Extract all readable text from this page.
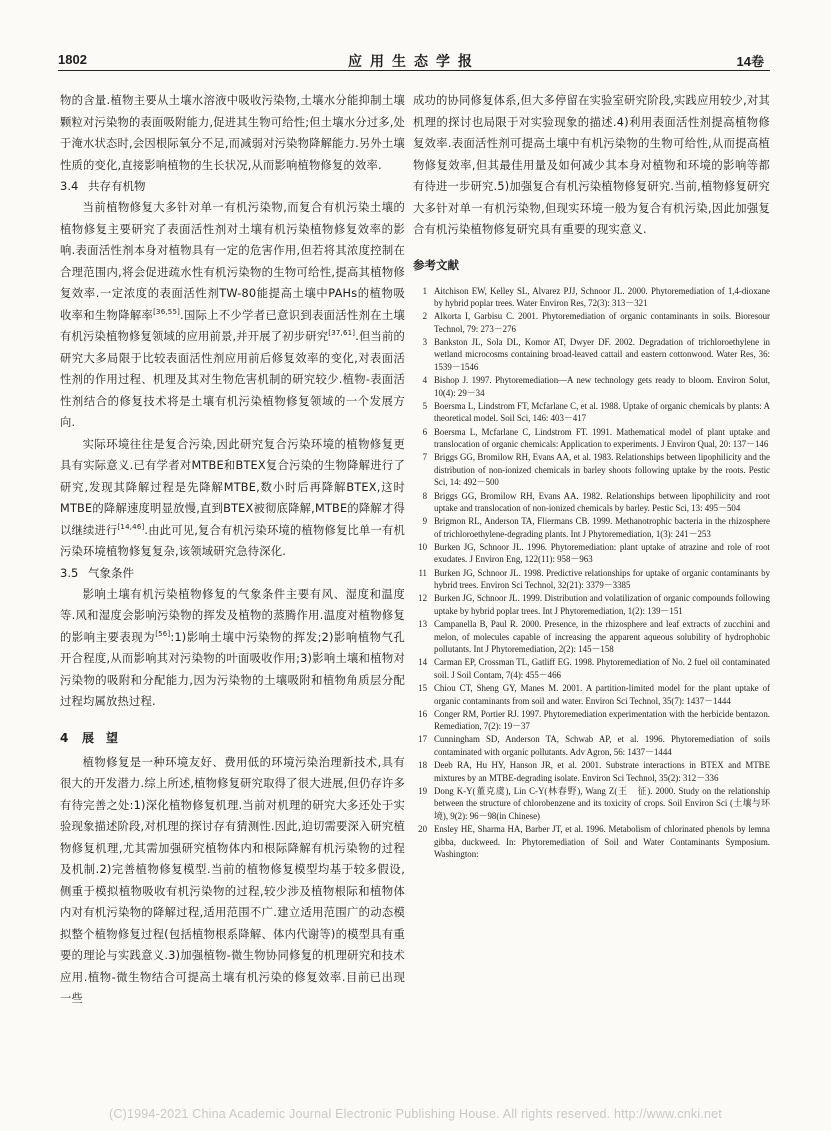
1802	应用生态学报	14卷

物的含量.植物主要从土壤水溶液中吸收污染物,土壤水分能抑制土壤颗粒对污染物的表面吸附能力,促进其生物可给性;但土壤水分过多,处于淹水状态时,会因根际氧分不足,而减弱对污染物降解能力.另外土壤性质的变化,直接影响植物的生长状况,从而影响植物修复的效率.

3.4 共存有机物

当前植物修复大多针对单一有机污染物,而复合有机污染土壤的植物修复主要研究了表面活性剂对土壤有机污染植物修复效率的影响.表面活性剂本身对植物具有一定的危害作用,但若将其浓度控制在合理范围内,将会促进疏水性有机污染物的生物可给性,提高其植物修复效率.一定浓度的表面活性剂TW-80能提高土壤中PAHs的植物吸收率和生物降解率[36,55].国际上不少学者已意识到表面活性剂在土壤有机污染植物修复领域的应用前景,并开展了初步研究[37,61].但当前的研究大多局限于比较表面活性剂应用前后修复效率的变化,对表面活性剂的作用过程、机理及其对生物危害机制的研究较少.植物-表面活性剂结合的修复技术将是土壤有机污染植物修复领域的一个发展方向.

实际环境往往是复合污染,因此研究复合污染环境的植物修复更具有实际意义.已有学者对MTBE和BTEX复合污染的生物降解进行了研究,发现其降解过程是先降解MTBE,数小时后再降解BTEX,这时MTBE的降解速度明显放慢,直到BTEX被彻底降解,MTBE的降解才得以继续进行[14,46].由此可见,复合有机污染环境的植物修复比单一有机污染环境植物修复复杂,该领域研究急待深化.

3.5 气象条件

影响土壤有机污染植物修复的气象条件主要有风、湿度和温度等.风和湿度会影响污染物的挥发及植物的蒸腾作用.温度对植物修复的影响主要表现为[56]:1)影响土壤中污染物的挥发;2)影响植物气孔开合程度,从而影响其对污染物的叶面吸收作用;3)影响土壤和植物对污染物的吸附和分配能力,因为污染物的土壤吸附和植物角质层分配过程均属放热过程.

4 展　望

植物修复是一种环境友好、费用低的环境污染治理新技术,具有很大的开发潜力.综上所述,植物修复研究取得了很大进展,但仍存许多有待完善之处:1)深化植物修复机理.当前对机理的研究大多还处于实验现象描述阶段,对机理的探讨存有猜测性.因此,迫切需要深入研究植物修复机理,尤其需加强研究植物体内和根际降解有机污染物的过程及机制.2)完善植物修复模型.当前的植物修复模型均基于较多假设,侧重于模拟植物吸收有机污染物的过程,较少涉及植物根际和植物体内对有机污染物的降解过程,适用范围不广.建立适用范围广的动态模拟整个植物修复过程(包括植物根系降解、体内代谢等)的模型具有重要的理论与实践意义.3)加强植物-微生物协同修复的机理研究和技术应用.植物-微生物结合可提高土壤有机污染的修复效率.目前已出现一些

成功的协同修复体系,但大多停留在实验室研究阶段,实践应用较少,对其机理的探讨也局限于对实验现象的描述.4)利用表面活性剂提高植物修复效率.表面活性剂可提高土壤中有机污染物的生物可给性,从而提高植物修复效率,但其最佳用量及如何减少其本身对植物和环境的影响等都有待进一步研究.5)加强复合有机污染植物修复研究.当前,植物修复研究大多针对单一有机污染物,但现实环境一般为复合有机污染,因此加强复合有机污染植物修复研究具有重要的现实意义.

参考文献
1 Aitchison EW, Kelley SL, Alvarez PJJ, Schnoor JL. 2000. Phytoremediation of 1,4-dioxane by hybrid poplar trees. Water Environ Res, 72(3): 313－321
2 Alkorta I, Garbisu C. 2001. Phytoremediation of organic contaminants in soils. Bioresour Technol, 79: 273－276
3 Bankston JL, Sola DL, Komor AT, Dwyer DF. 2002. Degradation of trichloroethylene in wetland microcosms containing broad-leaved cattail and eastern cottonwood. Water Res, 36: 1539－1546
4 Bishop J. 1997. Phytoremediation—A new technology gets ready to bloom. Environ Solut, 10(4): 29－34
5 Boersma L, Lindstrom FT, Mcfarlane C, et al. 1988. Uptake of organic chemicals by plants: A theoretical model. Soil Sci, 146: 403－417
6 Boersma L, Mcfarlane C, Lindstrom FT. 1991. Mathematical model of plant uptake and translocation of organic chemicals: Application to experiments. J Environ Qual, 20: 137－146
7 Briggs GG, Bromilow RH, Evans AA, et al. 1983. Relationships between lipophilicity and the distribution of non-ionized chemicals in barley shoots following uptake by the roots. Pestic Sci, 14: 492－500
8 Briggs GG, Bromilow RH, Evans AA. 1982. Relationships between lipophilicity and root uptake and translocation of non-ionized chemicals by barley. Pestic Sci, 13: 495－504
9 Brigmon RL, Anderson TA, Fliermans CB. 1999. Methanotrophic bacteria in the rhizosphere of trichloroethylene-degrading plants. Int J Phytoremediation, 1(3): 241－253
10 Burken JG, Schnoor JL. 1996. Phytoremediation: plant uptake of atrazine and role of root exudates. J Environ Eng, 122(11): 958－963
11 Burken JG, Schnoor JL. 1998. Predictive relationships for uptake of organic contaminants by hybrid trees. Environ Sci Technol, 32(21): 3379－3385
12 Burken JG, Schnoor JL. 1999. Distribution and volatilization of organic compounds following uptake by hybrid poplar trees. Int J Phytoremediation, 1(2): 139－151
13 Campanella B, Paul R. 2000. Presence, in the rhizosphere and leaf extracts of zucchini and melon, of molecules capable of increasing the apparent aqueous solubility of hydrophobic pollutants. Int J Phytoremediation, 2(2): 145－158
14 Carman EP, Crossman TL, Gatliff EG. 1998. Phytoremediation of No. 2 fuel oil contaminated soil. J Soil Contam, 7(4): 455－466
15 Chiou CT, Sheng GY, Manes M. 2001. A partition-limited model for the plant uptake of organic contaminants from soil and water. Environ Sci Technol, 35(7): 1437－1444
16 Conger RM, Portier RJ. 1997. Phytoremediation experimentation with the herbicide bentazon. Remediation, 7(2): 19－37
17 Cunningham SD, Anderson TA, Schwab AP, et al. 1996. Phytoremediation of soils contaminated with organic pollutants. Adv Agron, 56: 1437－1444
18 Deeb RA, Hu HY, Hanson JR, et al. 2001. Substrate interactions in BTEX and MTBE mixtures by an MTBE-degrading isolate. Environ Sci Technol, 35(2): 312－336
19 Dong K-Y(董克虞), Lin C-Y(林春野), Wang Z(王　征). 2000. Study on the relationship between the structure of chlorobenzene and its toxicity of crops. Soil Environ Sci (土壤与环境), 9(2): 96－98(in Chinese)
20 Ensley HE, Sharma HA, Barber JT, et al. 1996. Metabolism of chlorinated phenols by lemna gibba, duckweed. In: Phytoremediation of Soil and Water Contaminants Symposium. Washington:
(C)1994-2021 China Academic Journal Electronic Publishing House. All rights reserved. http://www.cnki.net
